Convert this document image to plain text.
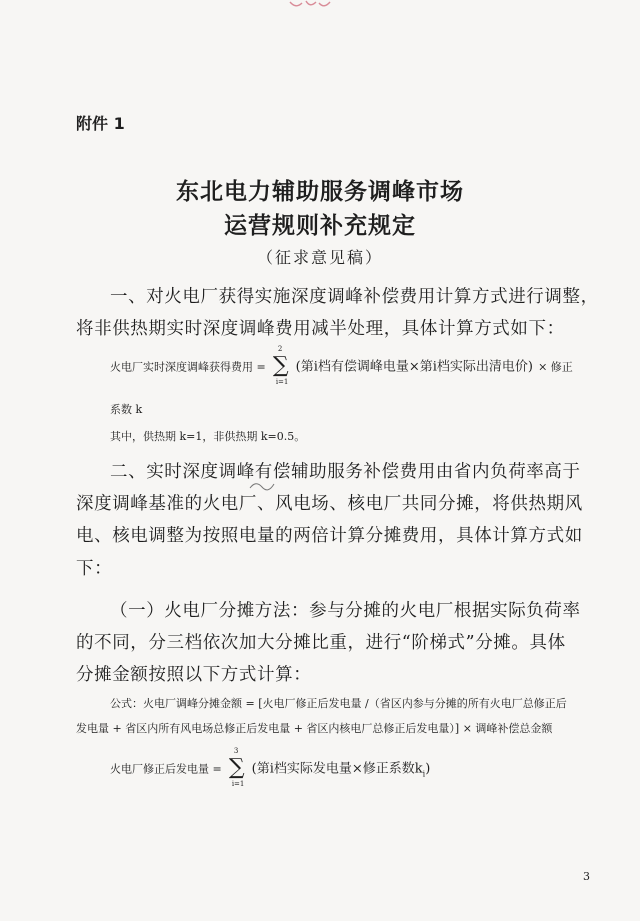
附件 1
东北电力辅助服务调峰市场
运营规则补充规定
（征求意见稿）
一、对火电厂获得实施深度调峰补偿费用计算方式进行调整，
将非供热期实时深度调峰费用减半处理，具体计算方式如下：
火电厂实时深度调峰获得费用 = ∑
2
i=1
(第i档有偿调峰电量×第i档实际出清电价) × 修正
系数 k
其中，供热期 k=1，非供热期 k=0.5。
二、实时深度调峰有偿辅助服务补偿费用由省内负荷率高于
深度调峰基准的火电厂、风电场、核电厂共同分摊，将供热期风
电、核电调整为按照电量的两倍计算分摊费用，具体计算方式如
下：
（一）火电厂分摊方法：参与分摊的火电厂根据实际负荷率
的不同，分三档依次加大分摊比重，进行“阶梯式”分摊。具体
分摊金额按照以下方式计算：
公式：火电厂调峰分摊金额 = [火电厂修正后发电量 /（省区内参与分摊的所有火电厂总修正后
发电量 + 省区内所有风电场总修正后发电量 + 省区内核电厂总修正后发电量）] × 调峰补偿总金额
火电厂修正后发电量 = ∑
3
i=1
(第i档实际发电量×修正系数$k_i$)
3
